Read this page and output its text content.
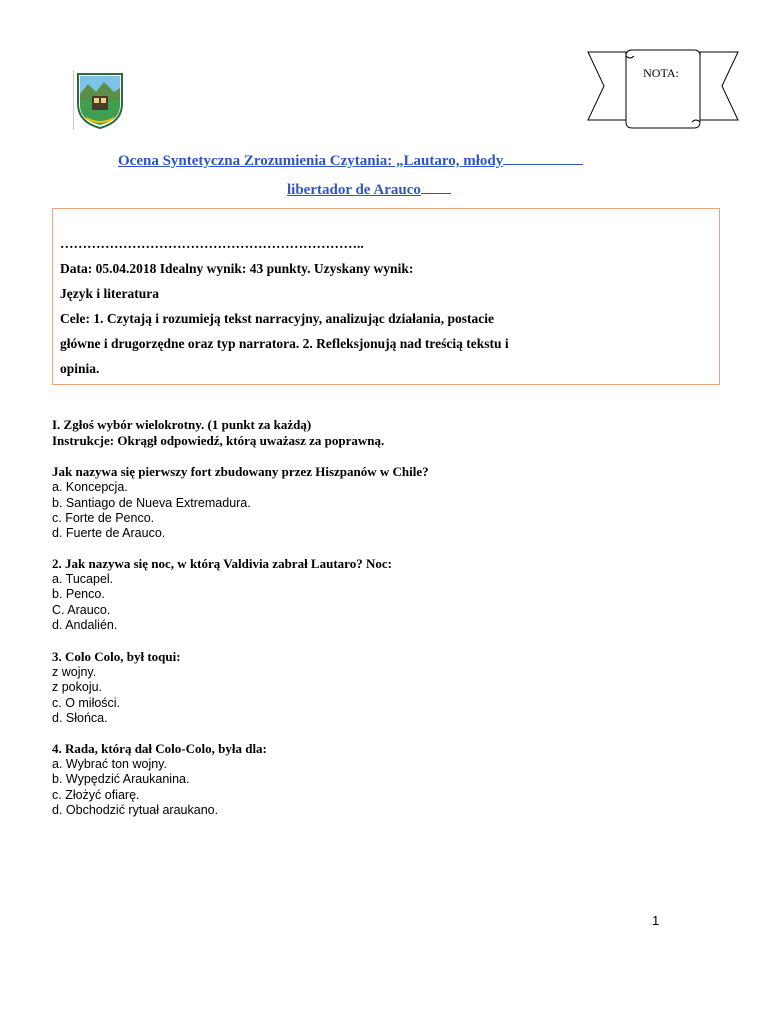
NOTA:
Ocena Syntetyczna Zrozumienia Czytania: „Lautaro, młody
libertador de Arauco
…………………………………………………………..
Data: 05.04.2018 Idealny wynik: 43 punkty. Uzyskany wynik:
Język i literatura
Cele: 1. Czytają i rozumieją tekst narracyjny, analizując działania, postacie
główne i drugorzędne oraz typ narratora. 2. Refleksjonują nad treścią tekstu i
opinia.
I. Zgłoś wybór wielokrotny. (1 punkt za każdą)
Instrukcje: Okrągł odpowiedź, którą uważasz za poprawną.
Jak nazywa się pierwszy fort zbudowany przez Hiszpanów w Chile?
a. Koncepcja.
b. Santiago de Nueva Extremadura.
c. Forte de Penco.
d. Fuerte de Arauco.
2. Jak nazywa się noc, w którą Valdivia zabrał Lautaro? Noc:
a. Tucapel.
b. Penco.
C. Arauco.
d. Andalién.
3. Colo Colo, był toqui:
z wojny.
z pokoju.
c. O miłości.
d. Słońca.
4. Rada, którą dał Colo-Colo, była dla:
a. Wybrać ton wojny.
b. Wypędzić Araukanina.
c. Złożyć ofiarę.
d. Obchodzić rytuał araukano.
1
